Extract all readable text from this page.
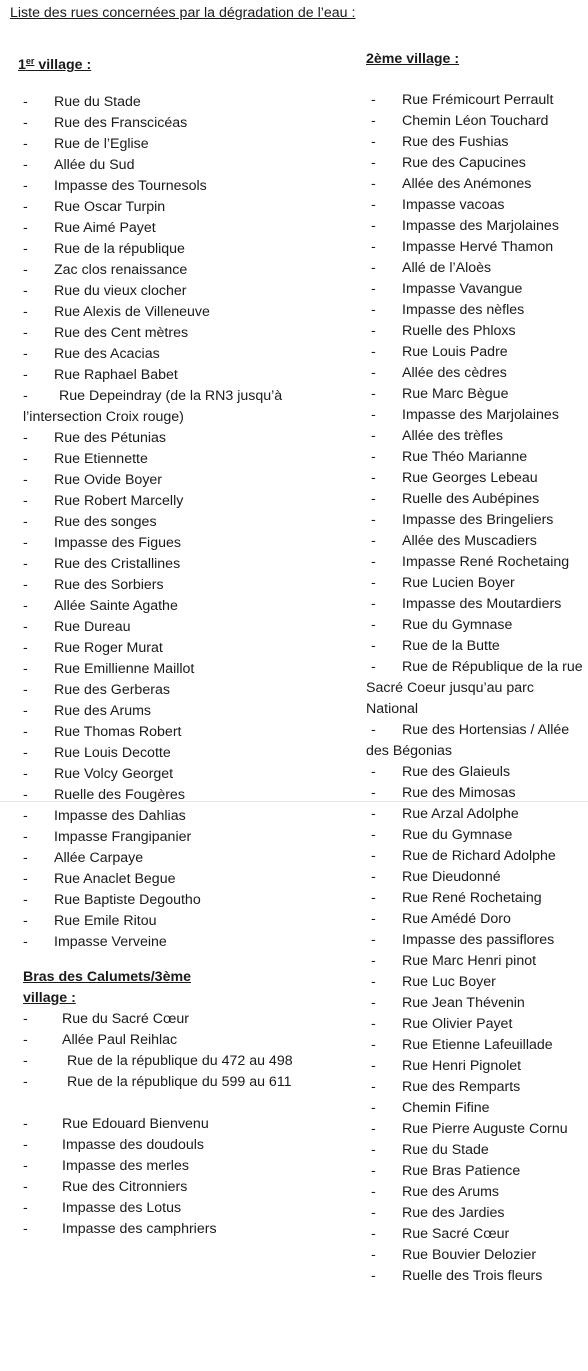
Liste des rues concernées par la dégradation de l’eau :
1er village :
-	Rue du Stade
-	Rue des Franscicéas
-	Rue de l’Eglise
-	Allée du Sud
-	Impasse des Tournesols
-	Rue Oscar Turpin
-	Rue Aimé Payet
-	Rue de la république
-	Zac clos renaissance
-	Rue du vieux clocher
-	Rue Alexis de Villeneuve
-	Rue des Cent mètres
-	Rue des Acacias
-	Rue Raphael Babet
-	Rue Depeindray (de la RN3 jusqu’à l’intersection Croix rouge)
-	Rue des Pétunias
-	Rue Etiennette
-	Rue Ovide Boyer
-	Rue Robert Marcelly
-	Rue des songes
-	Impasse des Figues
-	Rue des Cristallines
-	Rue des Sorbiers
-	Allée Sainte Agathe
-	Rue Dureau
-	Rue Roger Murat
-	Rue Emillienne Maillot
-	Rue des Gerberas
-	Rue des Arums
-	Rue Thomas Robert
-	Rue Louis Decotte
-	Rue Volcy Georget
-	Ruelle des Fougères
-	Impasse des Dahlias
-	Impasse Frangipanier
-	Allée Carpaye
-	Rue Anaclet Begue
-	Rue Baptiste Degoutho
-	Rue Emile Ritou
-	Impasse Verveine
Bras des Calumets/3ème village :
-	Rue du Sacré Cœur
-	Allée Paul Reihlac
-	Rue de la république du 472 au 498
-	Rue de la république du 599 au 611
-	Rue Edouard Bienvenu
-	Impasse des doudouls
-	Impasse des merles
-	Rue des Citronniers
-	Impasse des Lotus
-	Impasse des camphriers
2ème village :
-	Rue Frémicourt Perrault
-	Chemin Léon Touchard
-	Rue des Fushias
-	Rue des Capucines
-	Allée des Anémones
-	Impasse vacoas
-	Impasse des Marjolaines
-	Impasse Hervé Thamon
-	Allé de l’Aloès
-	Impasse Vavangue
-	Impasse des nèfles
-	Ruelle des Phloxs
-	Rue Louis Padre
-	Allée des cèdres
-	Rue Marc Bègue
-	Impasse des Marjolaines
-	Allée des trèfles
-	Rue Théo Marianne
-	Rue Georges Lebeau
-	Ruelle des Aubépines
-	Impasse des Bringeliers
-	Allée des Muscadiers
-	Impasse René Rochetaing
-	Rue Lucien Boyer
-	Impasse des Moutardiers
-	Rue du Gymnase
-	Rue de la Butte
-	Rue de République de la rue Sacré Coeur jusqu’au parc National
-	Rue des Hortensias / Allée des Bégonias
-	Rue des Glaieuls
-	Rue des Mimosas
-	Rue Arzal Adolphe
-	Rue du Gymnase
-	Rue de Richard Adolphe
-	Rue Dieudonné
-	Rue René Rochetaing
-	Rue Amédé Doro
-	Impasse des passiflores
-	Rue Marc Henri pinot
-	Rue Luc Boyer
-	Rue Jean Thévenin
-	Rue Olivier Payet
-	Rue Etienne Lafeuillade
-	Rue Henri Pignolet
-	Rue des Remparts
-	Chemin Fifine
-	Rue Pierre Auguste Cornu
-	Rue du Stade
-	Rue Bras Patience
-	Rue des Arums
-	Rue des Jardies
-	Rue Sacré Cœur
-	Rue Bouvier Delozier
-	Ruelle des Trois fleurs
